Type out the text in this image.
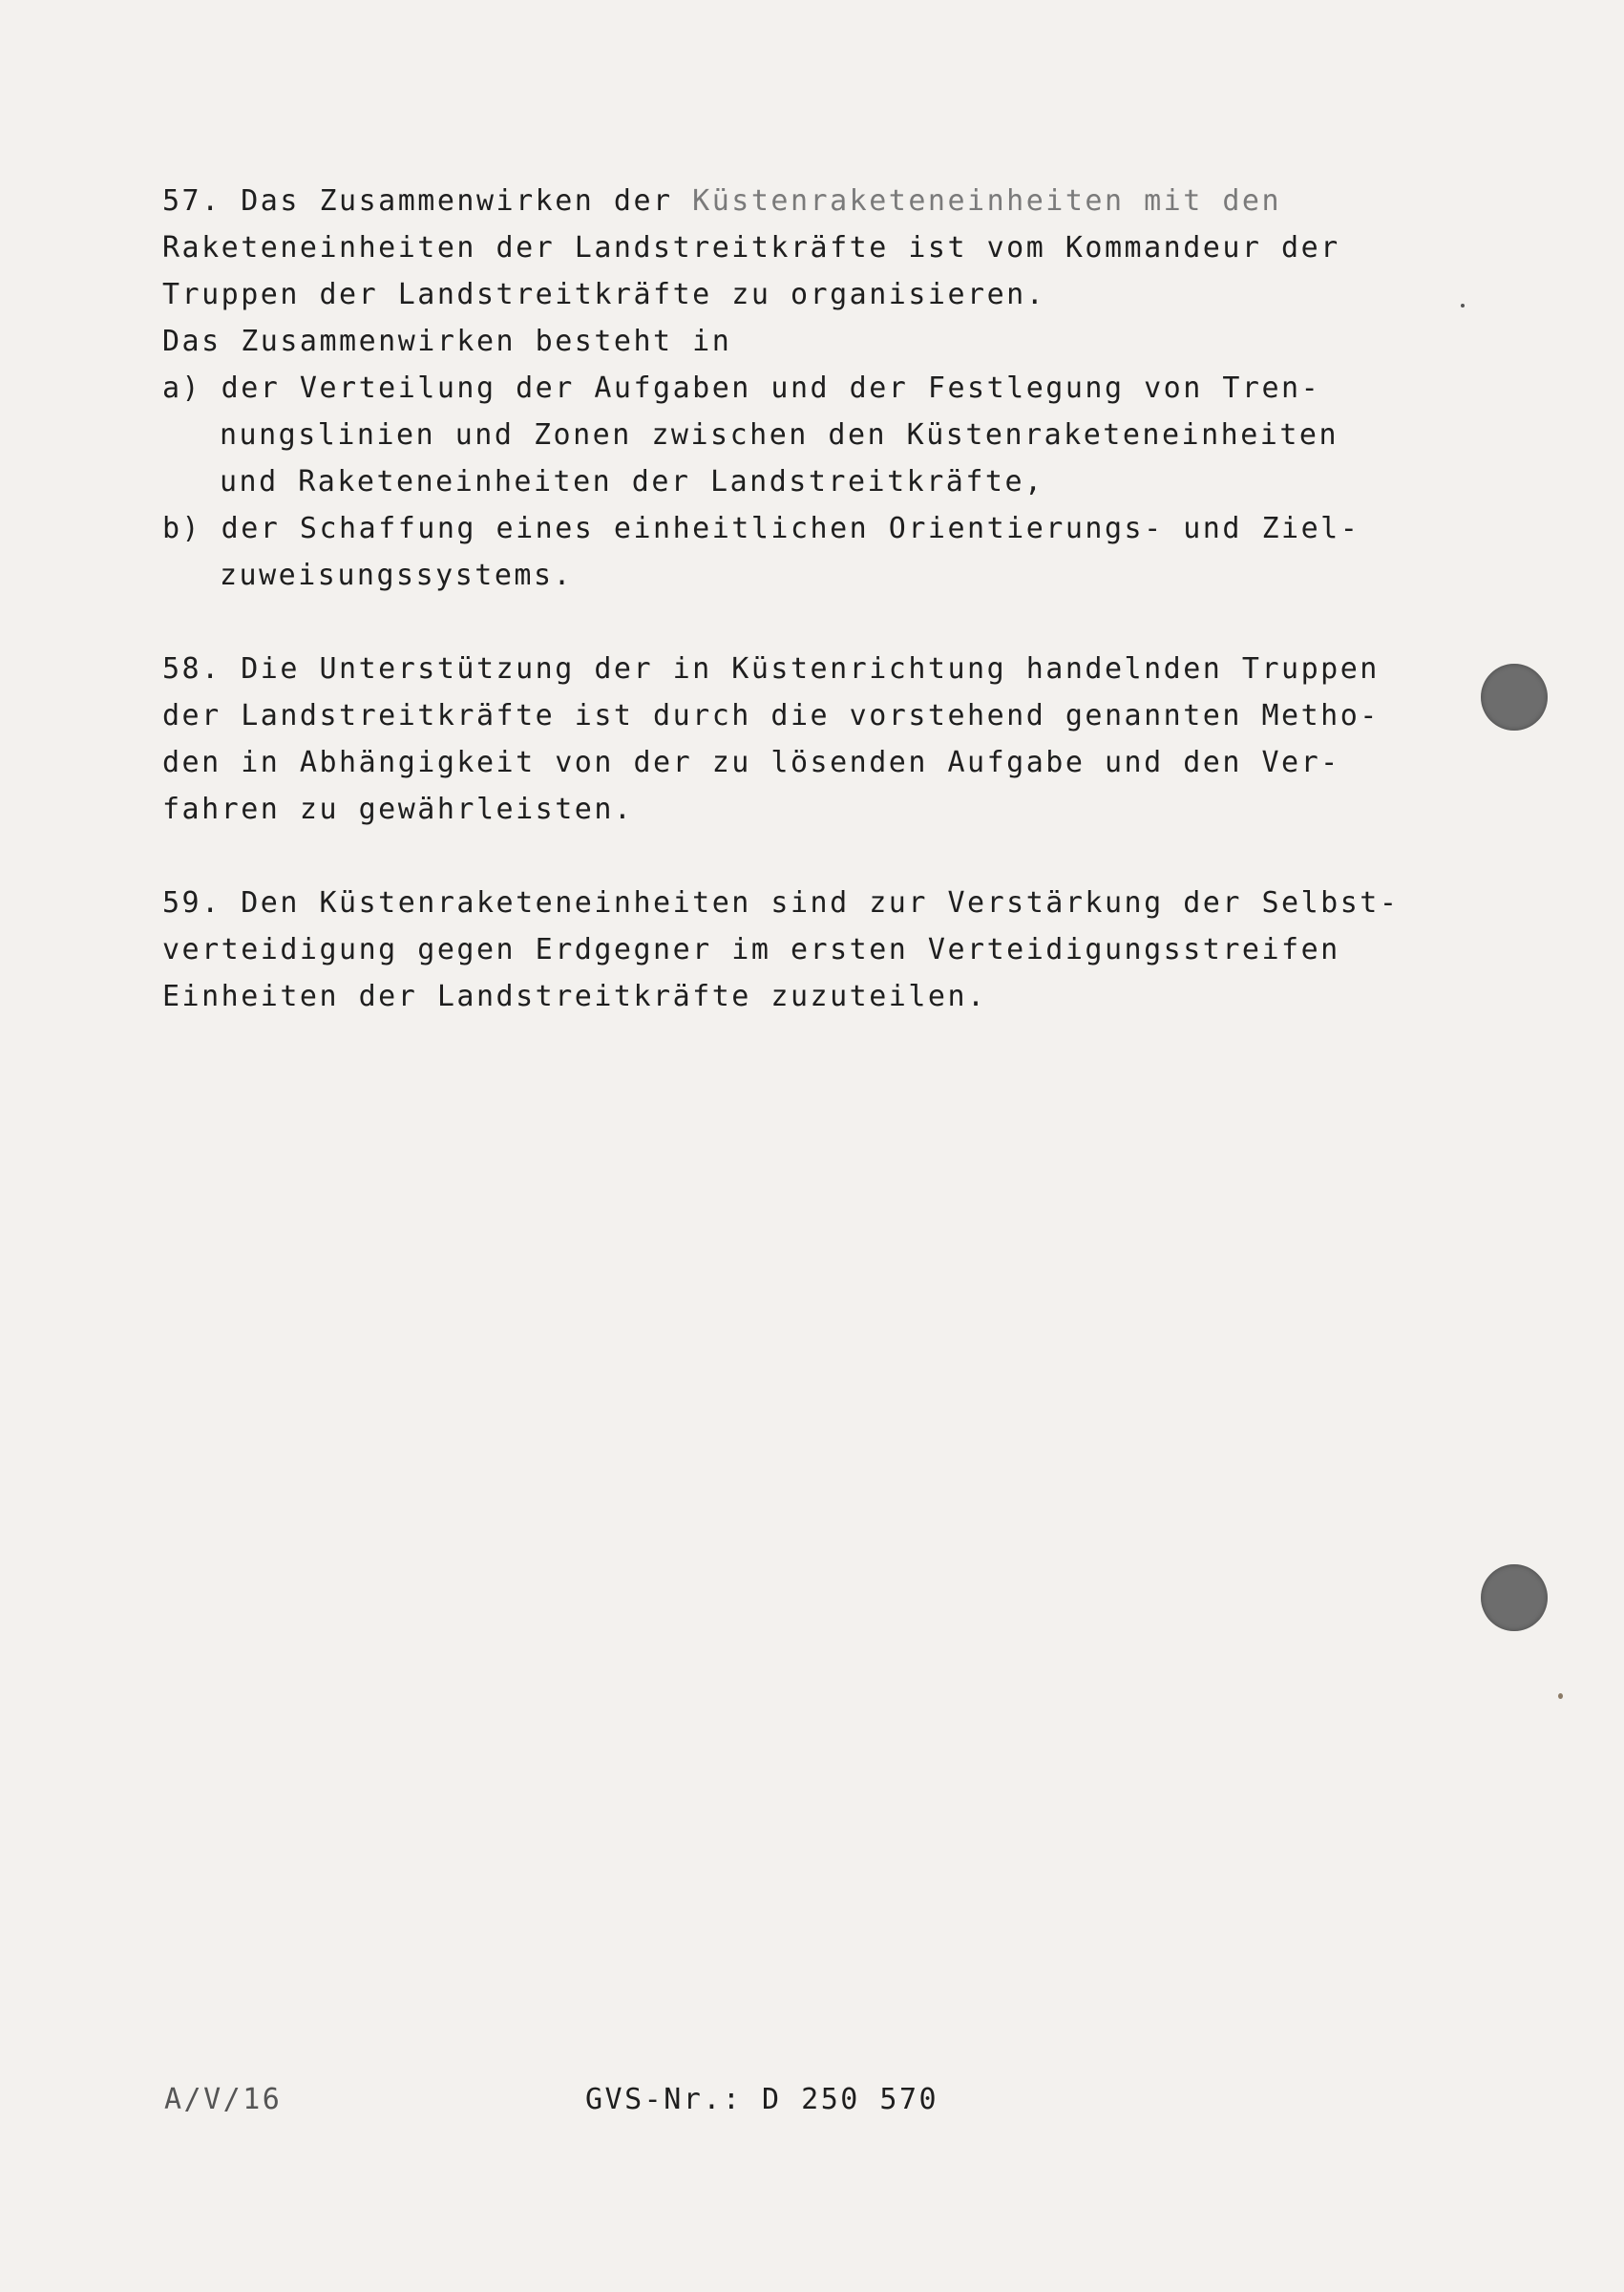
57. Das Zusammenwirken der Küstenraketeneinheiten mit den
Raketeneinheiten der Landstreitkräfte ist vom Kommandeur der
Truppen der Landstreitkräfte zu organisieren.
Das Zusammenwirken besteht in
a) der Verteilung der Aufgaben und der Festlegung von Tren-
nungslinien und Zonen zwischen den Küstenraketeneinheiten
und Raketeneinheiten der Landstreitkräfte,
b) der Schaffung eines einheitlichen Orientierungs- und Ziel-
zuweisungssystems.
58. Die Unterstützung der in Küstenrichtung handelnden Truppen
der Landstreitkräfte ist durch die vorstehend genannten Metho-
den in Abhängigkeit von der zu lösenden Aufgabe und den Ver-
fahren zu gewährleisten.
59. Den Küstenraketeneinheiten sind zur Verstärkung der Selbst-
verteidigung gegen Erdgegner im ersten Verteidigungsstreifen
Einheiten der Landstreitkräfte zuzuteilen.
A/V/16	GVS-Nr.: D 250 570
